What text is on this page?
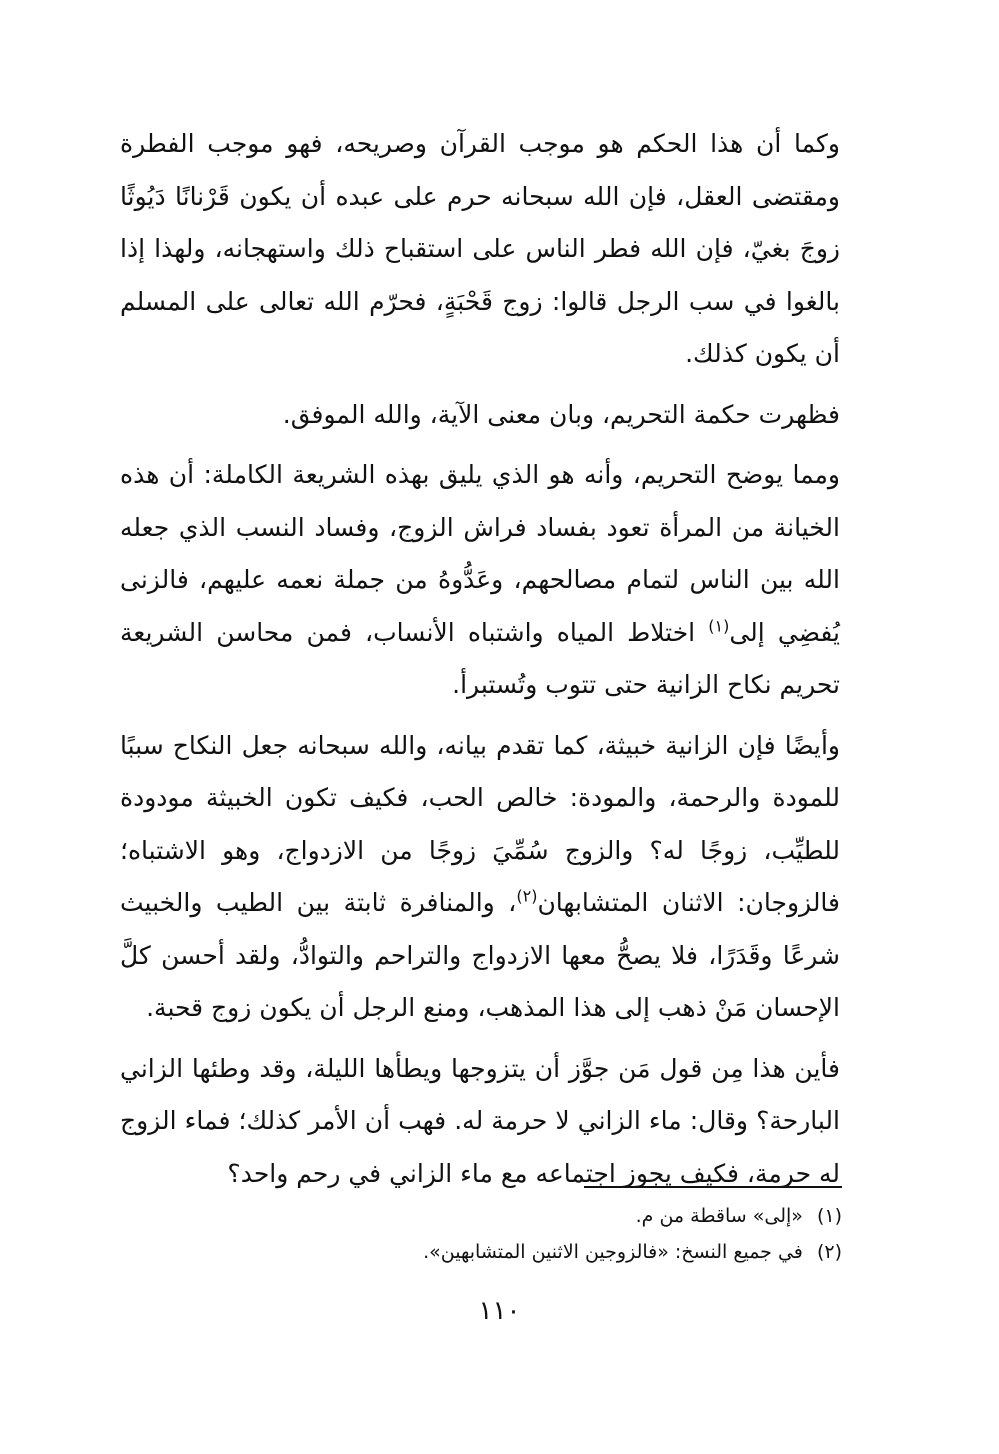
وكما أن هذا الحكم هو موجب القرآن وصريحه، فهو موجب الفطرة ومقتضى العقل، فإن الله سبحانه حرم على عبده أن يكون قَرْنانًا دَيُوثًا زوجَ بغيّ، فإن الله فطر الناس على استقباح ذلك واستهجانه، ولهذا إذا بالغوا في سب الرجل قالوا: زوج قَحْبَةٍ، فحرّم الله تعالى على المسلم أن يكون كذلك.

فظهرت حكمة التحريم، وبان معنى الآية، والله الموفق.

ومما يوضح التحريم، وأنه هو الذي يليق بهذه الشريعة الكاملة: أن هذه الخيانة من المرأة تعود بفساد فراش الزوج، وفساد النسب الذي جعله الله بين الناس لتمام مصالحهم، وعَدُّوهُ من جملة نعمه عليهم، فالزنى يُفضِي إلى$^{(١)}$ اختلاط المياه واشتباه الأنساب، فمن محاسن الشريعة تحريم نكاح الزانية حتى تتوب وتُستبرأ.

وأيضًا فإن الزانية خبيثة، كما تقدم بيانه، والله سبحانه جعل النكاح سببًا للمودة والرحمة، والمودة: خالص الحب، فكيف تكون الخبيثة مودودة للطيِّب، زوجًا له؟ والزوج سُمِّيَ زوجًا من الازدواج، وهو الاشتباه؛ فالزوجان: الاثنان المتشابهان$^{(٢)}$، والمنافرة ثابتة بين الطيب والخبيث شرعًا وقَدَرًا، فلا يصحُّ معها الازدواج والتراحم والتوادُّ، ولقد أحسن كلَّ الإحسان مَنْ ذهب إلى هذا المذهب، ومنع الرجل أن يكون زوج قحبة.

فأين هذا مِن قول مَن جوَّز أن يتزوجها ويطأها الليلة، وقد وطئها الزاني البارحة؟ وقال: ماء الزاني لا حرمة له. فهب أن الأمر كذلك؛ فماء الزوج له حرمة، فكيف يجوز اجتماعه مع ماء الزاني في رحم واحد؟

(١) «إلى» ساقطة من م.

(٢) في جميع النسخ: «فالزوجين الاثنين المتشابهين».

١١٠
